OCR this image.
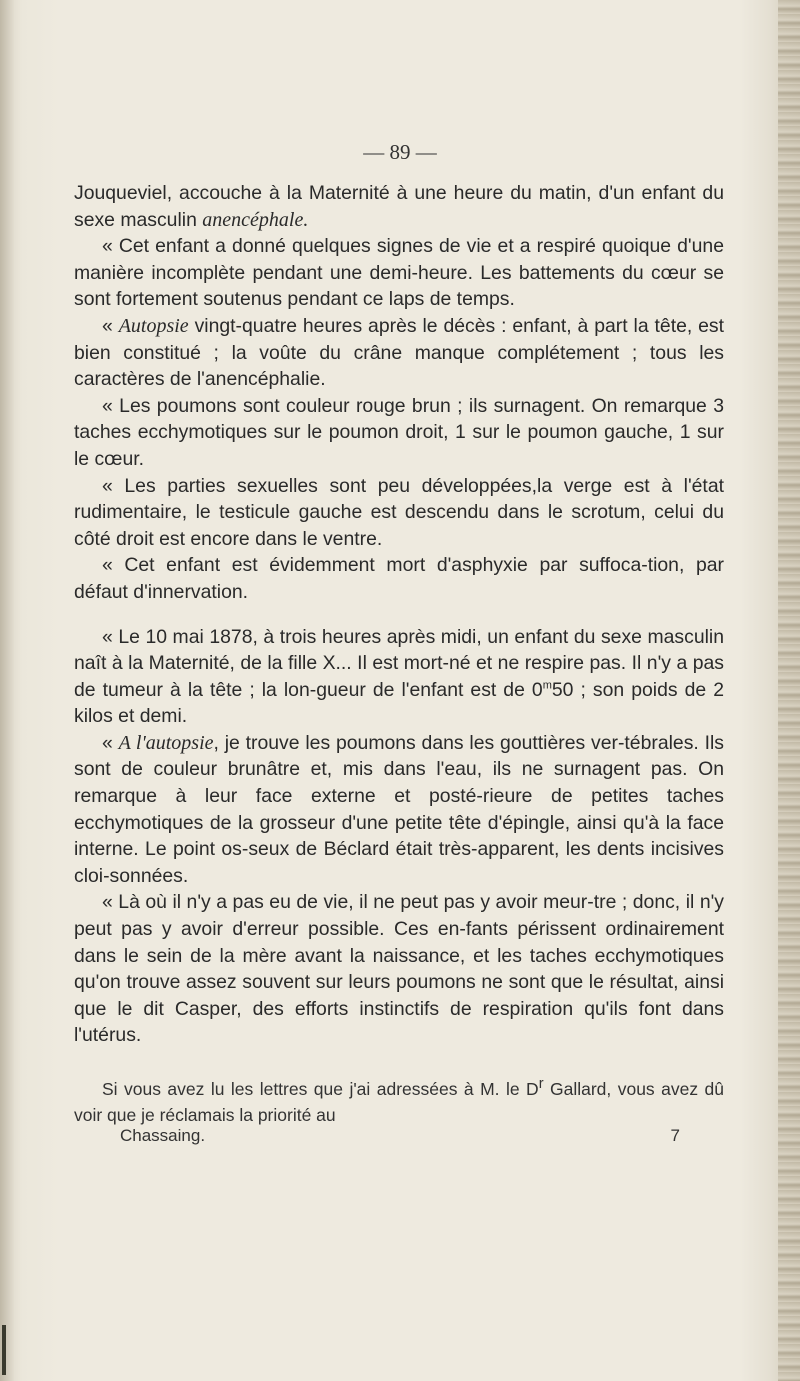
— 89 —

Jouqueviel, accouche à la Maternité à une heure du matin, d'un enfant du sexe masculin anencéphale.

« Cet enfant a donné quelques signes de vie et a respiré quoique d'une manière incomplète pendant une demi-heure. Les battements du cœur se sont fortement soutenus pendant ce laps de temps.

« Autopsie vingt-quatre heures après le décès : enfant, à part la tête, est bien constitué ; la voûte du crâne manque complétement ; tous les caractères de l'anencéphalie.

« Les poumons sont couleur rouge brun ; ils surnagent. On remarque 3 taches ecchymotiques sur le poumon droit, 1 sur le poumon gauche, 1 sur le cœur.

« Les parties sexuelles sont peu développées,la verge est à l'état rudimentaire, le testicule gauche est descendu dans le scrotum, celui du côté droit est encore dans le ventre.

« Cet enfant est évidemment mort d'asphyxie par suffoca-tion, par défaut d'innervation.

« Le 10 mai 1878, à trois heures après midi, un enfant du sexe masculin naît à la Maternité, de la fille X... Il est mort-né et ne respire pas. Il n'y a pas de tumeur à la tête ; la lon-gueur de l'enfant est de 0$^m$50 ; son poids de 2 kilos et demi.

« A l'autopsie, je trouve les poumons dans les gouttières ver-tébrales. Ils sont de couleur brunâtre et, mis dans l'eau, ils ne surnagent pas. On remarque à leur face externe et posté-rieure de petites taches ecchymotiques de la grosseur d'une petite tête d'épingle, ainsi qu'à la face interne. Le point os-seux de Béclard était très-apparent, les dents incisives cloi-sonnées.

« Là où il n'y a pas eu de vie, il ne peut pas y avoir meur-tre ; donc, il n'y peut pas y avoir d'erreur possible. Ces en-fants périssent ordinairement dans le sein de la mère avant la naissance, et les taches ecchymotiques qu'on trouve assez souvent sur leurs poumons ne sont que le résultat, ainsi que le dit Casper, des efforts instinctifs de respiration qu'ils font dans l'utérus.

Si vous avez lu les lettres que j'ai adressées à M. le $D^r$ Gallard, vous avez dû voir que je réclamais la priorité au

Chassaing.	7
